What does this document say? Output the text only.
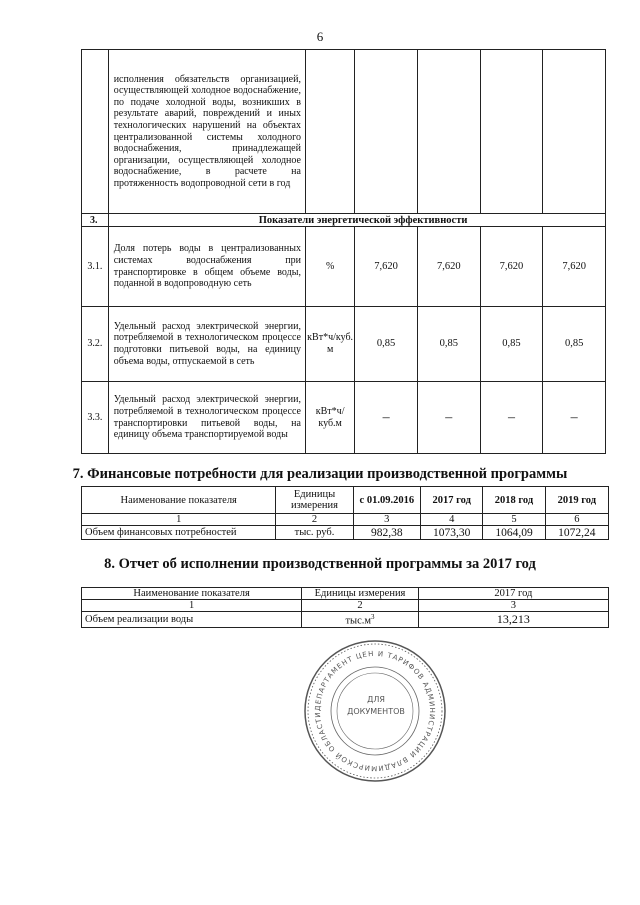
6
	исполнения обязательств организацией, осуществляющей холодное водоснабжение, по подаче холодной воды, возникших в результате аварий, повреждений и иных технологических нарушений на объектах централизованной системы холодного водоснабжения, принадлежащей организации, осуществляющей холодное водоснабжение, в расчете на протяженность водопроводной сети в год					
3.	Показатели энергетической эффективности					
3.1.	Доля потерь воды в централизованных системах водоснабжения при транспортировке в общем объеме воды, поданной в водопроводную сеть	%	7,620	7,620	7,620	7,620
3.2.	Удельный расход электрической энергии, потребляемой в технологическом процессе подготовки питьевой воды, на единицу объема воды, отпускаемой в сеть	кВт*ч/куб. м	0,85	0,85	0,85	0,85
3.3.	Удельный расход электрической энергии, потребляемой в технологическом процессе транспортировки питьевой воды, на единицу объема транспортируемой воды	кВт*ч/куб.м	–	–	–	–
7. Финансовые потребности для реализации производственной программы
Наименование показателя	Единицы измерения	с 01.09.2016	2017 год	2018 год	2019 год
1	2	3	4	5	6
Объем финансовых потребностей	тыс. руб.	982,38	1073,30	1064,09	1072,24
8. Отчет об исполнении производственной программы за 2017 год
Наименование показателя	Единицы измерения	2017 год
1	2	3
Объем реализации воды	$тыс.м^3$	13,213
ДЕПАРТАМЕНТ ЦЕН И ТАРИФОВ АДМИНИСТРАЦИИ ВЛАДИМИРСКОЙ ОБЛАСТИ
ДЛЯ
ДОКУМЕНТОВ
